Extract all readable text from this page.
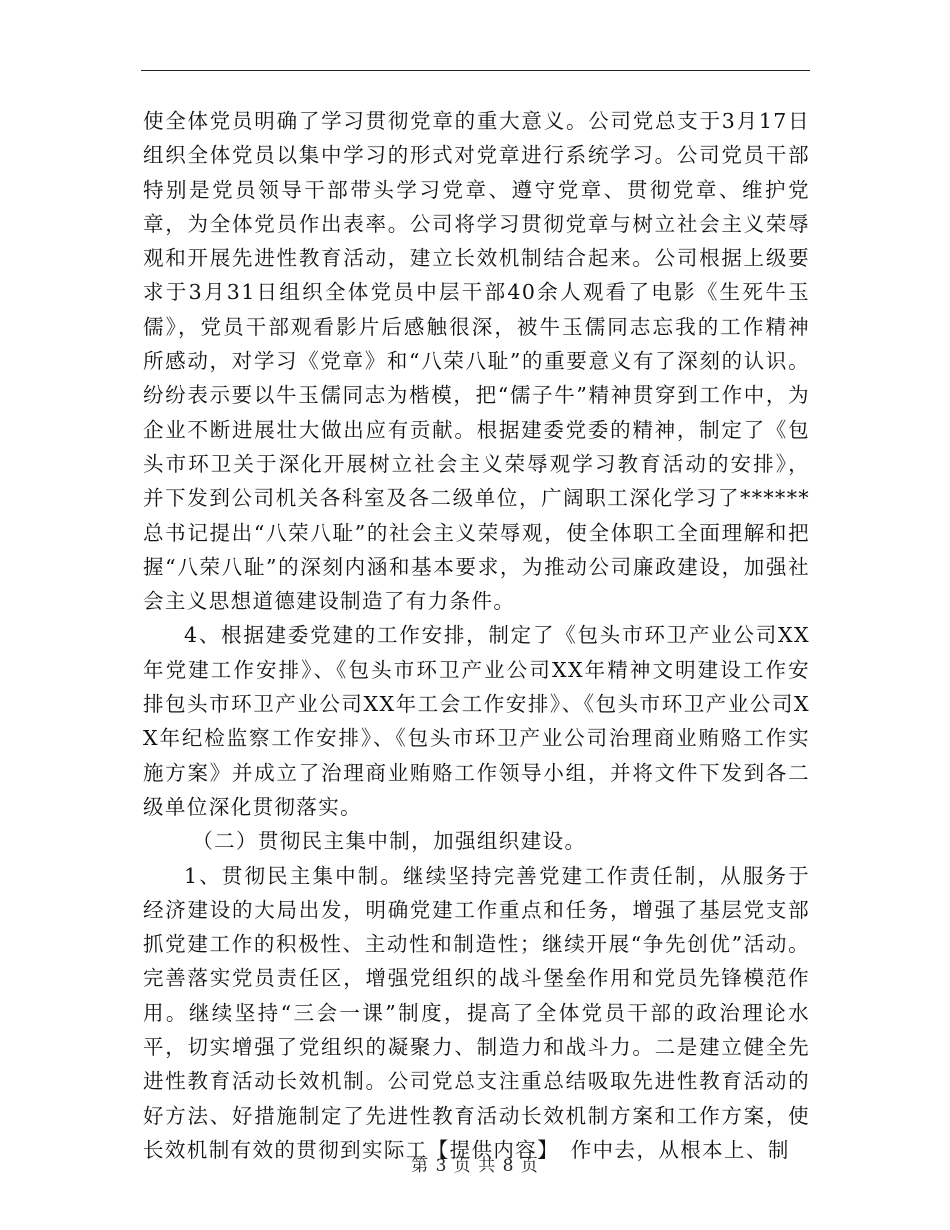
使全体党员明确了学习贯彻党章的重大意义。公司党总支于3月17日组织全体党员以集中学习的形式对党章进行系统学习。公司党员干部特别是党员领导干部带头学习党章、遵守党章、贯彻党章、维护党章，为全体党员作出表率。公司将学习贯彻党章与树立社会主义荣辱观和开展先进性教育活动，建立长效机制结合起来。公司根据上级要求于3月31日组织全体党员中层干部40余人观看了电影《生死牛玉儒》，党员干部观看影片后感触很深，被牛玉儒同志忘我的工作精神所感动，对学习《党章》和“八荣八耻”的重要意义有了深刻的认识。纷纷表示要以牛玉儒同志为楷模，把“儒子牛”精神贯穿到工作中，为企业不断进展壮大做出应有贡献。根据建委党委的精神，制定了《包头市环卫关于深化开展树立社会主义荣辱观学习教育活动的安排》，并下发到公司机关各科室及各二级单位，广阔职工深化学习了******总书记提出“八荣八耻”的社会主义荣辱观，使全体职工全面理解和把握“八荣八耻”的深刻内涵和基本要求，为推动公司廉政建设，加强社会主义思想道德建设制造了有力条件。

4、根据建委党建的工作安排，制定了《包头市环卫产业公司XX年党建工作安排》、《包头市环卫产业公司XX年精神文明建设工作安排包头市环卫产业公司XX年工会工作安排》、《包头市环卫产业公司XX年纪检监察工作安排》、《包头市环卫产业公司治理商业贿赂工作实施方案》并成立了治理商业贿赂工作领导小组，并将文件下发到各二级单位深化贯彻落实。

（二）贯彻民主集中制，加强组织建设。

1、贯彻民主集中制。继续坚持完善党建工作责任制，从服务于经济建设的大局出发，明确党建工作重点和任务，增强了基层党支部抓党建工作的积极性、主动性和制造性；继续开展“争先创优”活动。完善落实党员责任区，增强党组织的战斗堡垒作用和党员先锋模范作用。继续坚持“三会一课”制度，提高了全体党员干部的政治理论水平，切实增强了党组织的凝聚力、制造力和战斗力。二是建立健全先进性教育活动长效机制。公司党总支注重总结吸取先进性教育活动的好方法、好措施制定了先进性教育活动长效机制方案和工作方案，使长效机制有效的贯彻到实际工【提供内容】　作中去，从根本上、制

第 3 页 共 8 页
